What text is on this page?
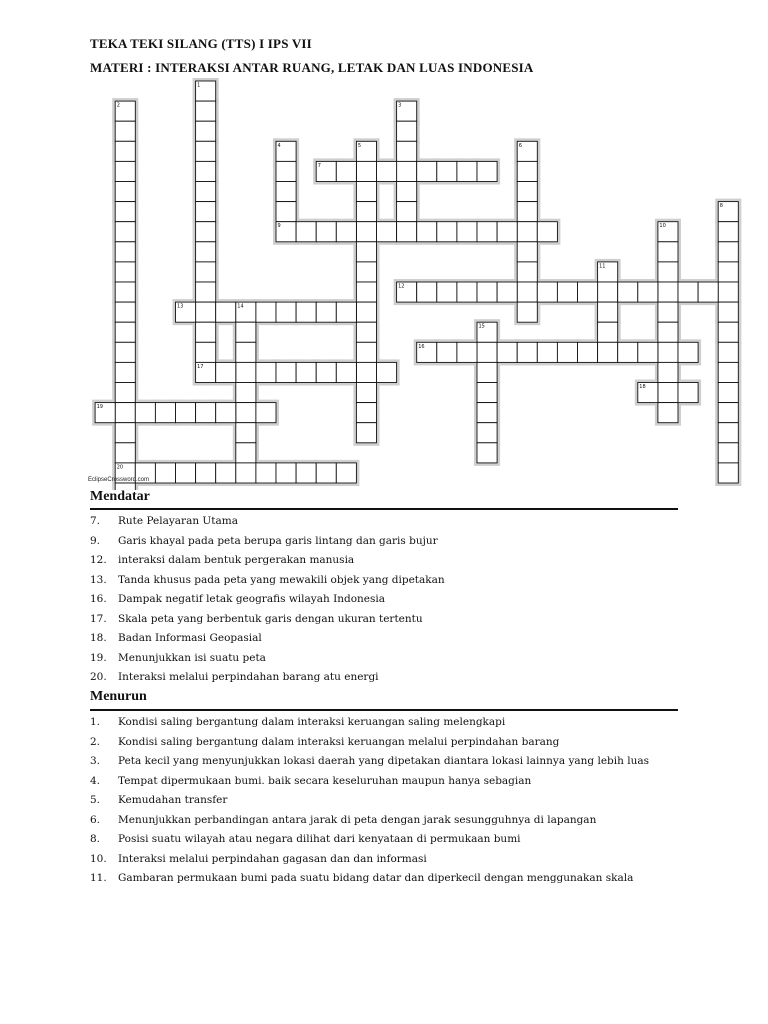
TEKA TEKI SILANG (TTS) I IPS VII
MATERI : INTERAKSI ANTAR RUANG, LETAK DAN LUAS INDONESIA
1
2	3
4	5	6
7
8
9	10
11
12
13	14
15
16
17
18
19
20
EclipseCrossword.com
Mendatar
7.	Rute Pelayaran Utama
9.	Garis khayal pada peta berupa garis lintang dan garis bujur
12.	interaksi dalam bentuk pergerakan manusia
13.	Tanda khusus pada peta yang mewakili objek yang dipetakan
16.	Dampak negatif letak geografis wilayah Indonesia
17.	Skala peta yang berbentuk garis dengan ukuran tertentu
18.	Badan Informasi Geopasial
19.	Menunjukkan isi suatu peta
20.	Interaksi melalui perpindahan barang atu energi
Menurun
1.	Kondisi saling bergantung dalam interaksi keruangan saling melengkapi
2.	Kondisi saling bergantung dalam interaksi keruangan melalui perpindahan barang
3.	Peta kecil yang menyunjukkan lokasi daerah yang dipetakan diantara lokasi lainnya yang lebih luas
4.	Tempat dipermukaan bumi. baik secara keseluruhan maupun hanya sebagian
5.	Kemudahan transfer
6.	Menunjukkan perbandingan antara jarak di peta dengan jarak sesungguhnya di lapangan
8.	Posisi suatu wilayah atau negara dilihat dari kenyataan di permukaan bumi
10.	Interaksi melalui perpindahan gagasan dan dan informasi
11.	Gambaran permukaan bumi pada suatu bidang datar dan diperkecil dengan menggunakan skala
